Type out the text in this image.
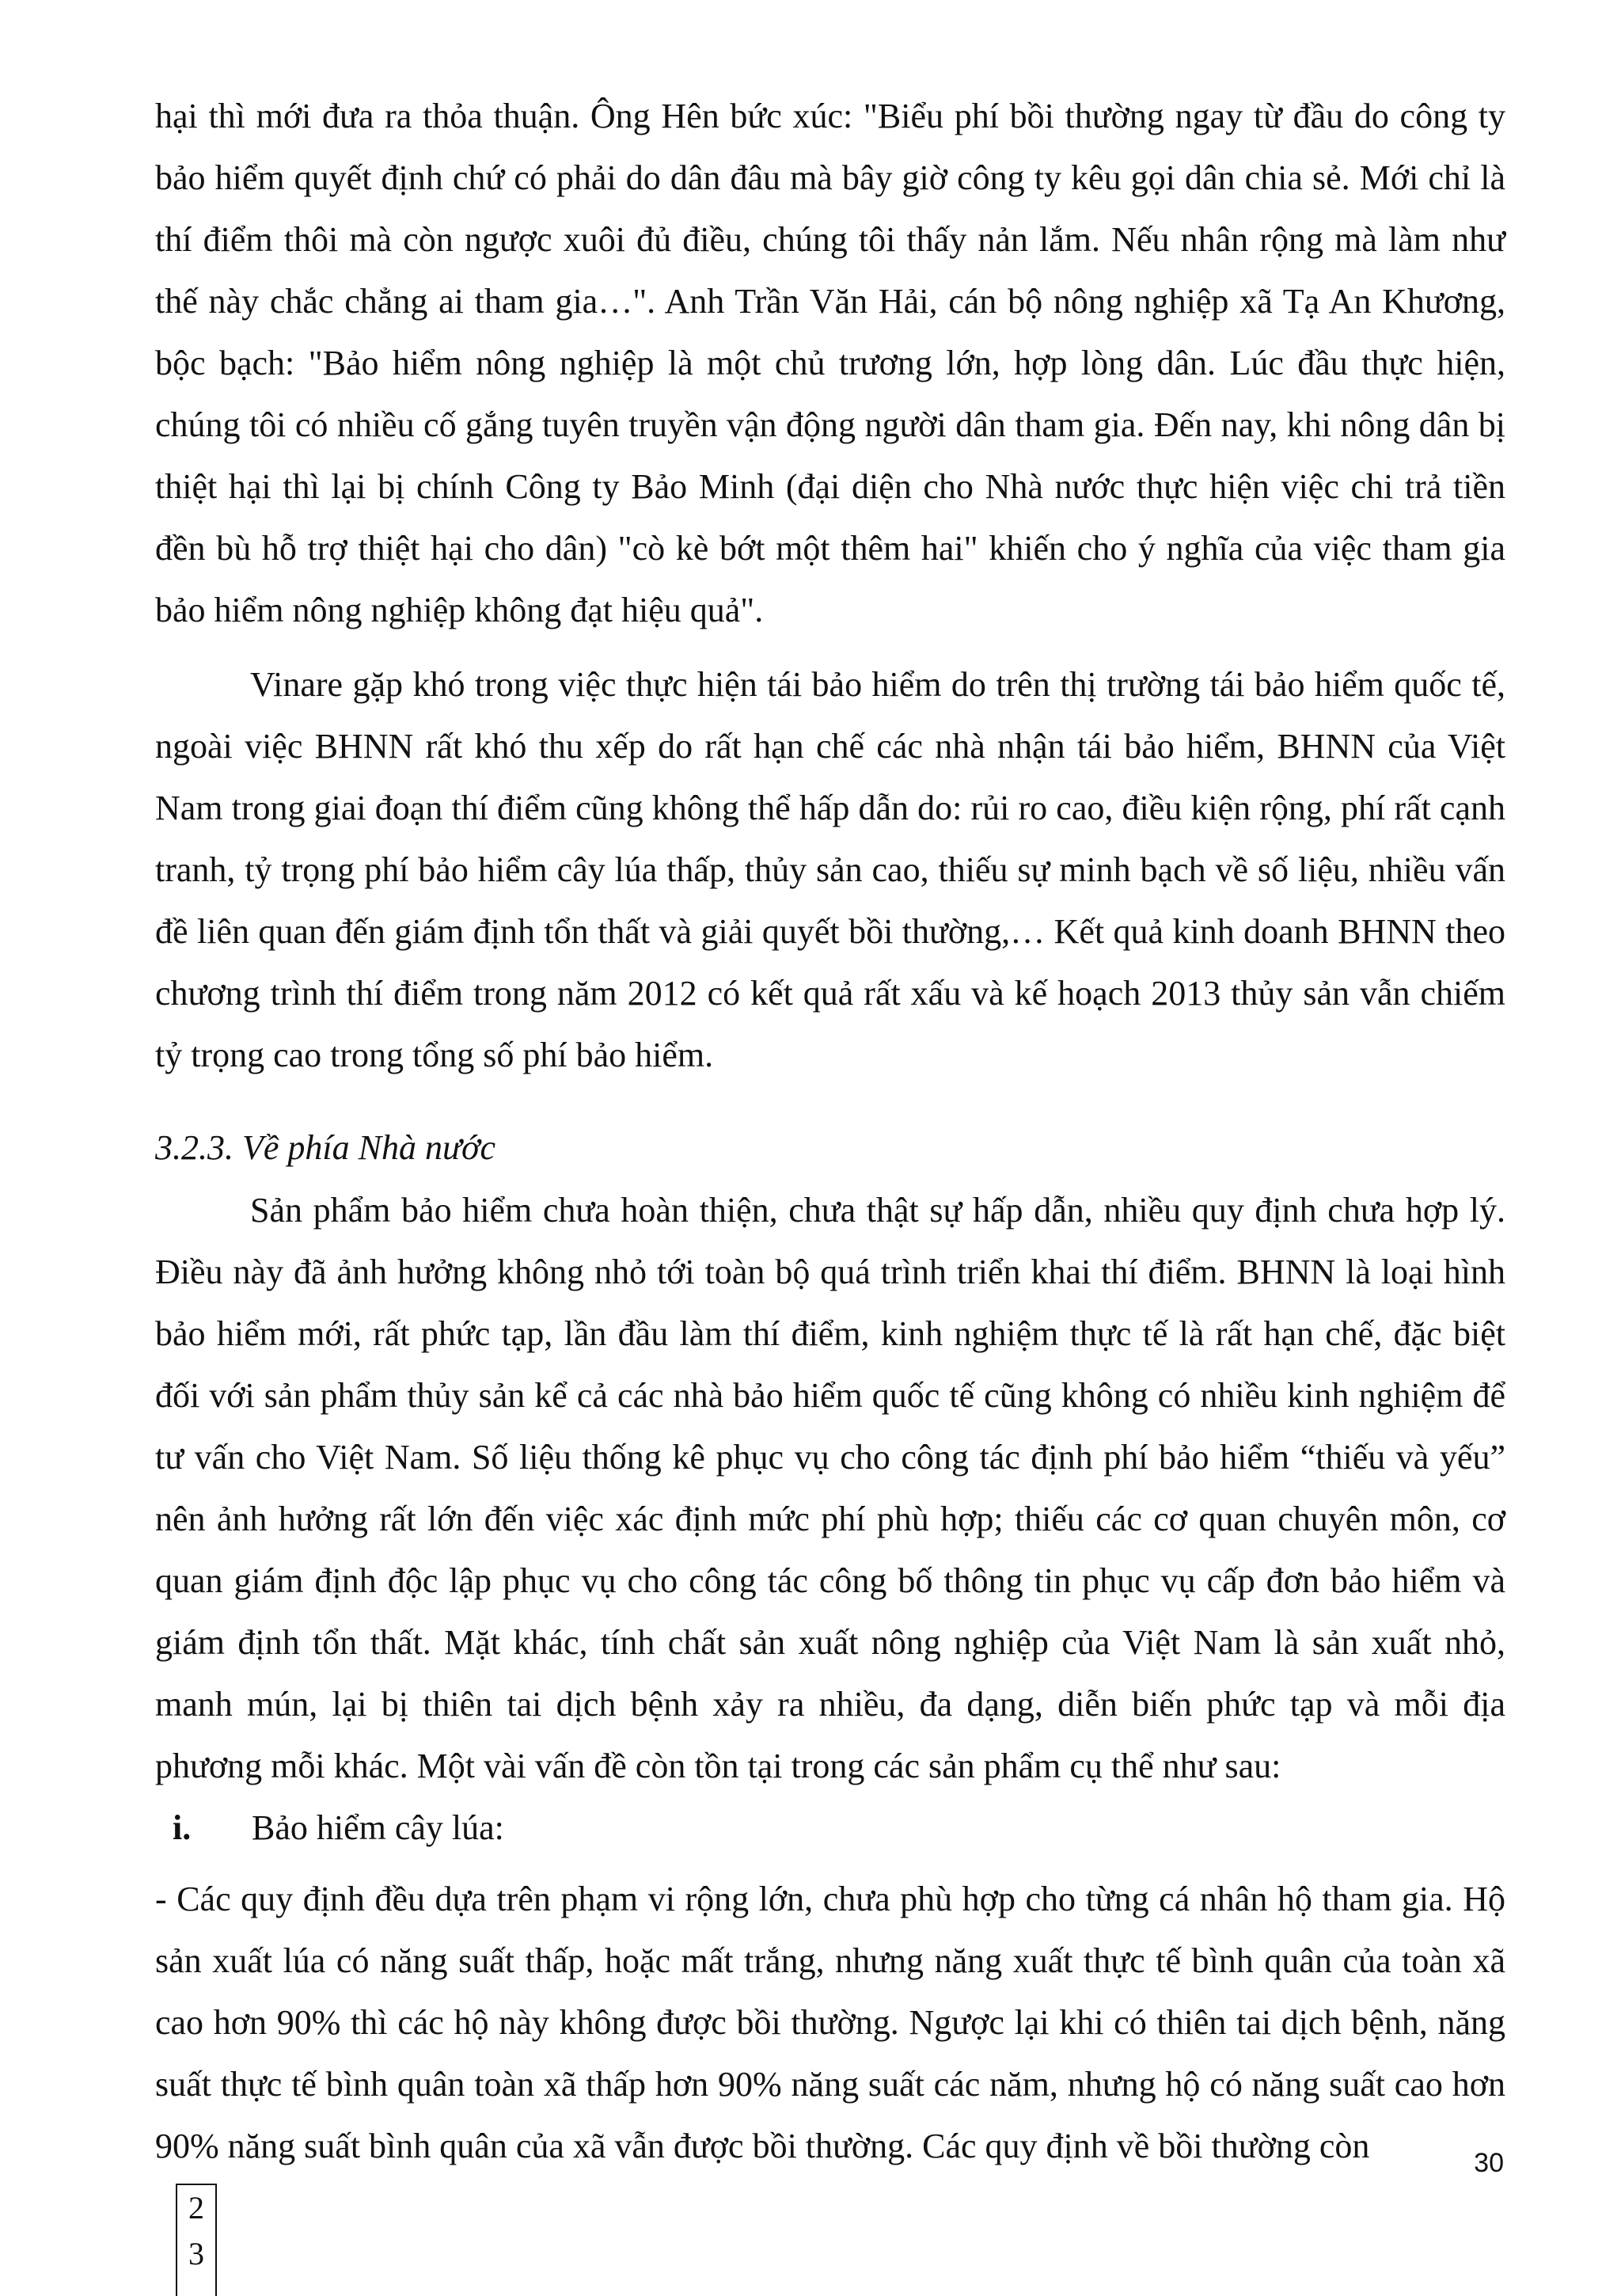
hại thì mới đưa ra thỏa thuận. Ông Hên bức xúc: "Biểu phí bồi thường ngay từ đầu do công ty bảo hiểm quyết định chứ có phải do dân đâu mà bây giờ công ty kêu gọi dân chia sẻ. Mới chỉ là thí điểm thôi mà còn ngược xuôi đủ điều, chúng tôi thấy nản lắm. Nếu nhân rộng mà làm như thế này chắc chẳng ai tham gia…". Anh Trần Văn Hải, cán bộ nông nghiệp xã Tạ An Khương, bộc bạch: "Bảo hiểm nông nghiệp là một chủ trương lớn, hợp lòng dân. Lúc đầu thực hiện, chúng tôi có nhiều cố gắng tuyên truyền vận động người dân tham gia. Đến nay, khi nông dân bị thiệt hại thì lại bị chính Công ty Bảo Minh (đại diện cho Nhà nước thực hiện việc chi trả tiền đền bù hỗ trợ thiệt hại cho dân) "cò kè bớt một thêm hai" khiến cho ý nghĩa của việc tham gia bảo hiểm nông nghiệp không đạt hiệu quả".

Vinare gặp khó trong việc thực hiện tái bảo hiểm do trên thị trường tái bảo hiểm quốc tế, ngoài việc BHNN rất khó thu xếp do rất hạn chế các nhà nhận tái bảo hiểm, BHNN của Việt Nam trong giai đoạn thí điểm cũng không thể hấp dẫn do: rủi ro cao, điều kiện rộng, phí rất cạnh tranh, tỷ trọng phí bảo hiểm cây lúa thấp, thủy sản cao, thiếu sự minh bạch về số liệu, nhiều vấn đề liên quan đến giám định tổn thất và giải quyết bồi thường,… Kết quả kinh doanh BHNN theo chương trình thí điểm trong năm 2012 có kết quả rất xấu và kế hoạch 2013 thủy sản vẫn chiếm tỷ trọng cao trong tổng số phí bảo hiểm.

3.2.3. Về phía Nhà nước

Sản phẩm bảo hiểm chưa hoàn thiện, chưa thật sự hấp dẫn, nhiều quy định chưa hợp lý. Điều này đã ảnh hưởng không nhỏ tới toàn bộ quá trình triển khai thí điểm. BHNN là loại hình bảo hiểm mới, rất phức tạp, lần đầu làm thí điểm, kinh nghiệm thực tế là rất hạn chế, đặc biệt đối với sản phẩm thủy sản kể cả các nhà bảo hiểm quốc tế cũng không có nhiều kinh nghiệm để tư vấn cho Việt Nam. Số liệu thống kê phục vụ cho công tác định phí bảo hiểm “thiếu và yếu” nên ảnh hưởng rất lớn đến việc xác định mức phí phù hợp; thiếu các cơ quan chuyên môn, cơ quan giám định độc lập phục vụ cho công tác công bố thông tin phục vụ cấp đơn bảo hiểm và giám định tổn thất. Mặt khác, tính chất sản xuất nông nghiệp của Việt Nam là sản xuất nhỏ, manh mún, lại bị thiên tai dịch bệnh xảy ra nhiều, đa dạng, diễn biến phức tạp và mỗi địa phương mỗi khác. Một vài vấn đề còn tồn tại trong các sản phẩm cụ thể như sau:

i. Bảo hiểm cây lúa:

- Các quy định đều dựa trên phạm vi rộng lớn, chưa phù hợp cho từng cá nhân hộ tham gia. Hộ sản xuất lúa có năng suất thấp, hoặc mất trắng, nhưng năng xuất thực tế bình quân của toàn xã cao hơn 90% thì các hộ này không được bồi thường. Ngược lại khi có thiên tai dịch bệnh, năng suất thực tế bình quân toàn xã thấp hơn 90% năng suất các năm, nhưng hộ có năng suất cao hơn 90% năng suất bình quân của xã vẫn được bồi thường. Các quy định về bồi thường còn	30
2 3
